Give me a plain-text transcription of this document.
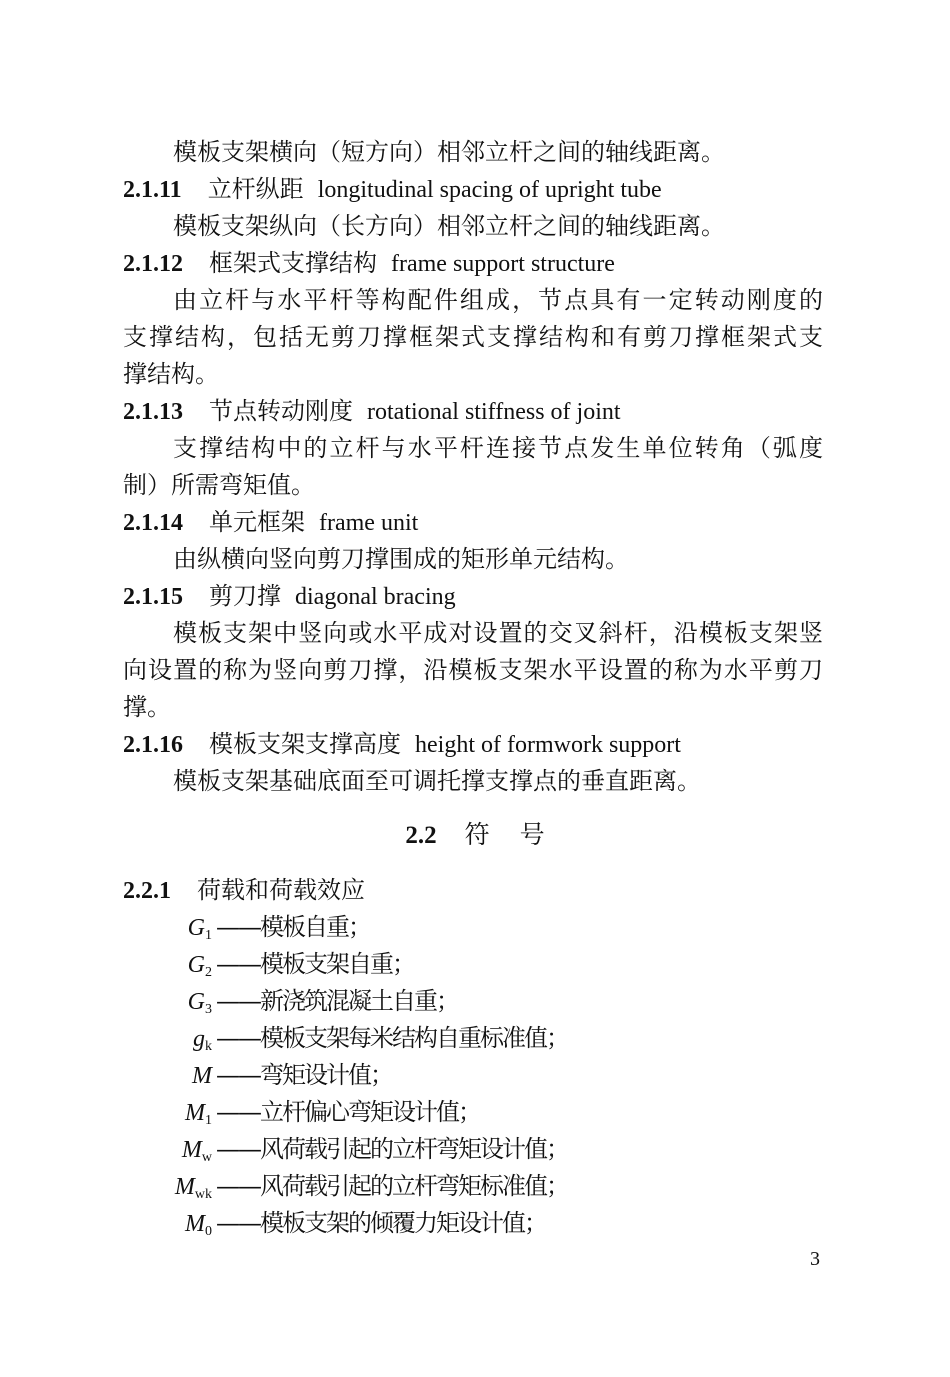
模板支架横向（短方向）相邻立杆之间的轴线距离。
2.1.11 立杆纵距 longitudinal spacing of upright tube
模板支架纵向（长方向）相邻立杆之间的轴线距离。
2.1.12 框架式支撑结构 frame support structure
由立杆与水平杆等构配件组成，节点具有一定转动刚度的
支撑结构，包括无剪刀撑框架式支撑结构和有剪刀撑框架式支
撑结构。
2.1.13 节点转动刚度 rotational stiffness of joint
支撑结构中的立杆与水平杆连接节点发生单位转角（弧度
制）所需弯矩值。
2.1.14 单元框架 frame unit
由纵横向竖向剪刀撑围成的矩形单元结构。
2.1.15 剪刀撑 diagonal bracing
模板支架中竖向或水平成对设置的交叉斜杆，沿模板支架竖
向设置的称为竖向剪刀撑，沿模板支架水平设置的称为水平剪刀
撑。
2.1.16 模板支架支撑高度 height of formwork support
模板支架基础底面至可调托撑支撑点的垂直距离。
2.2 符号
2.2.1 荷载和荷载效应
$G_1$ ——模板自重；
$G_2$ ——模板支架自重；
$G_3$ ——新浇筑混凝土自重；
$g_k$ ——模板支架每米结构自重标准值；
M ——弯矩设计值；
$M_1$ ——立杆偏心弯矩设计值；
$M_w$ ——风荷载引起的立杆弯矩设计值；
$M_{wk}$ ——风荷载引起的立杆弯矩标准值；
$M_0$ ——模板支架的倾覆力矩设计值；
3
